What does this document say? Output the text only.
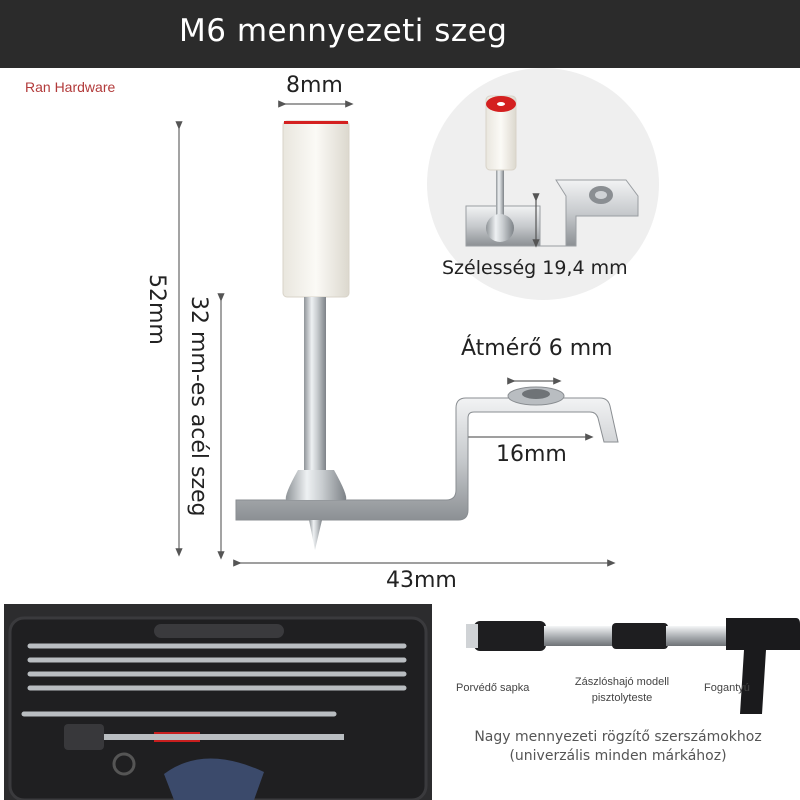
M6 mennyezeti szeg
Ran Hardware	8mm
52mm 32 mm-es acél szeg	Átmérő 6 mm
16mm
43mm
Szélesség 19,4 mm
Porvédő sapka	Zászlóshajó modell
pisztolyteste
Fogantyú
Nagy mennyezeti rögzítő szerszámokhoz
(univerzális minden márkához)
